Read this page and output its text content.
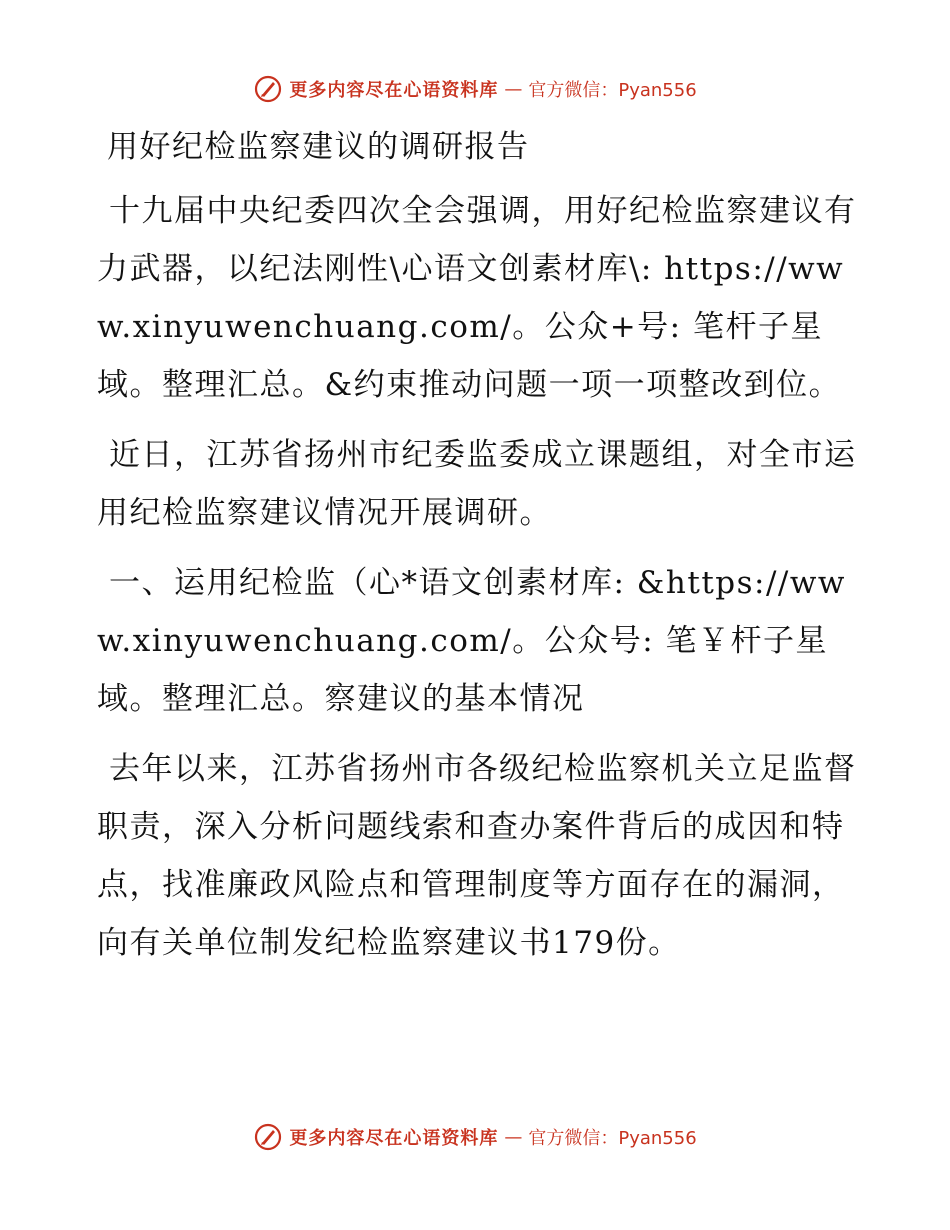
更多内容尽在心语资料库 — 官方微信：Pyan556
用好纪检监察建议的调研报告

十九届中央纪委四次全会强调，用好纪检监察建议有力武器，以纪法刚性\心语文创素材库\: https://www.xinyuwenchuang.com/。公众+号: 笔杆子星域。整理汇总。&约束推动问题一项一项整改到位。

近日，江苏省扬州市纪委监委成立课题组，对全市运用纪检监察建议情况开展调研。

一、运用纪检监（心*语文创素材库: &https://www.xinyuwenchuang.com/。公众号: 笔￥杆子星域。整理汇总。察建议的基本情况

去年以来，江苏省扬州市各级纪检监察机关立足监督职责，深入分析问题线索和查办案件背后的成因和特点，找准廉政风险点和管理制度等方面存在的漏洞，向有关单位制发纪检监察建议书179份。

更多内容尽在心语资料库 — 官方微信：Pyan556
